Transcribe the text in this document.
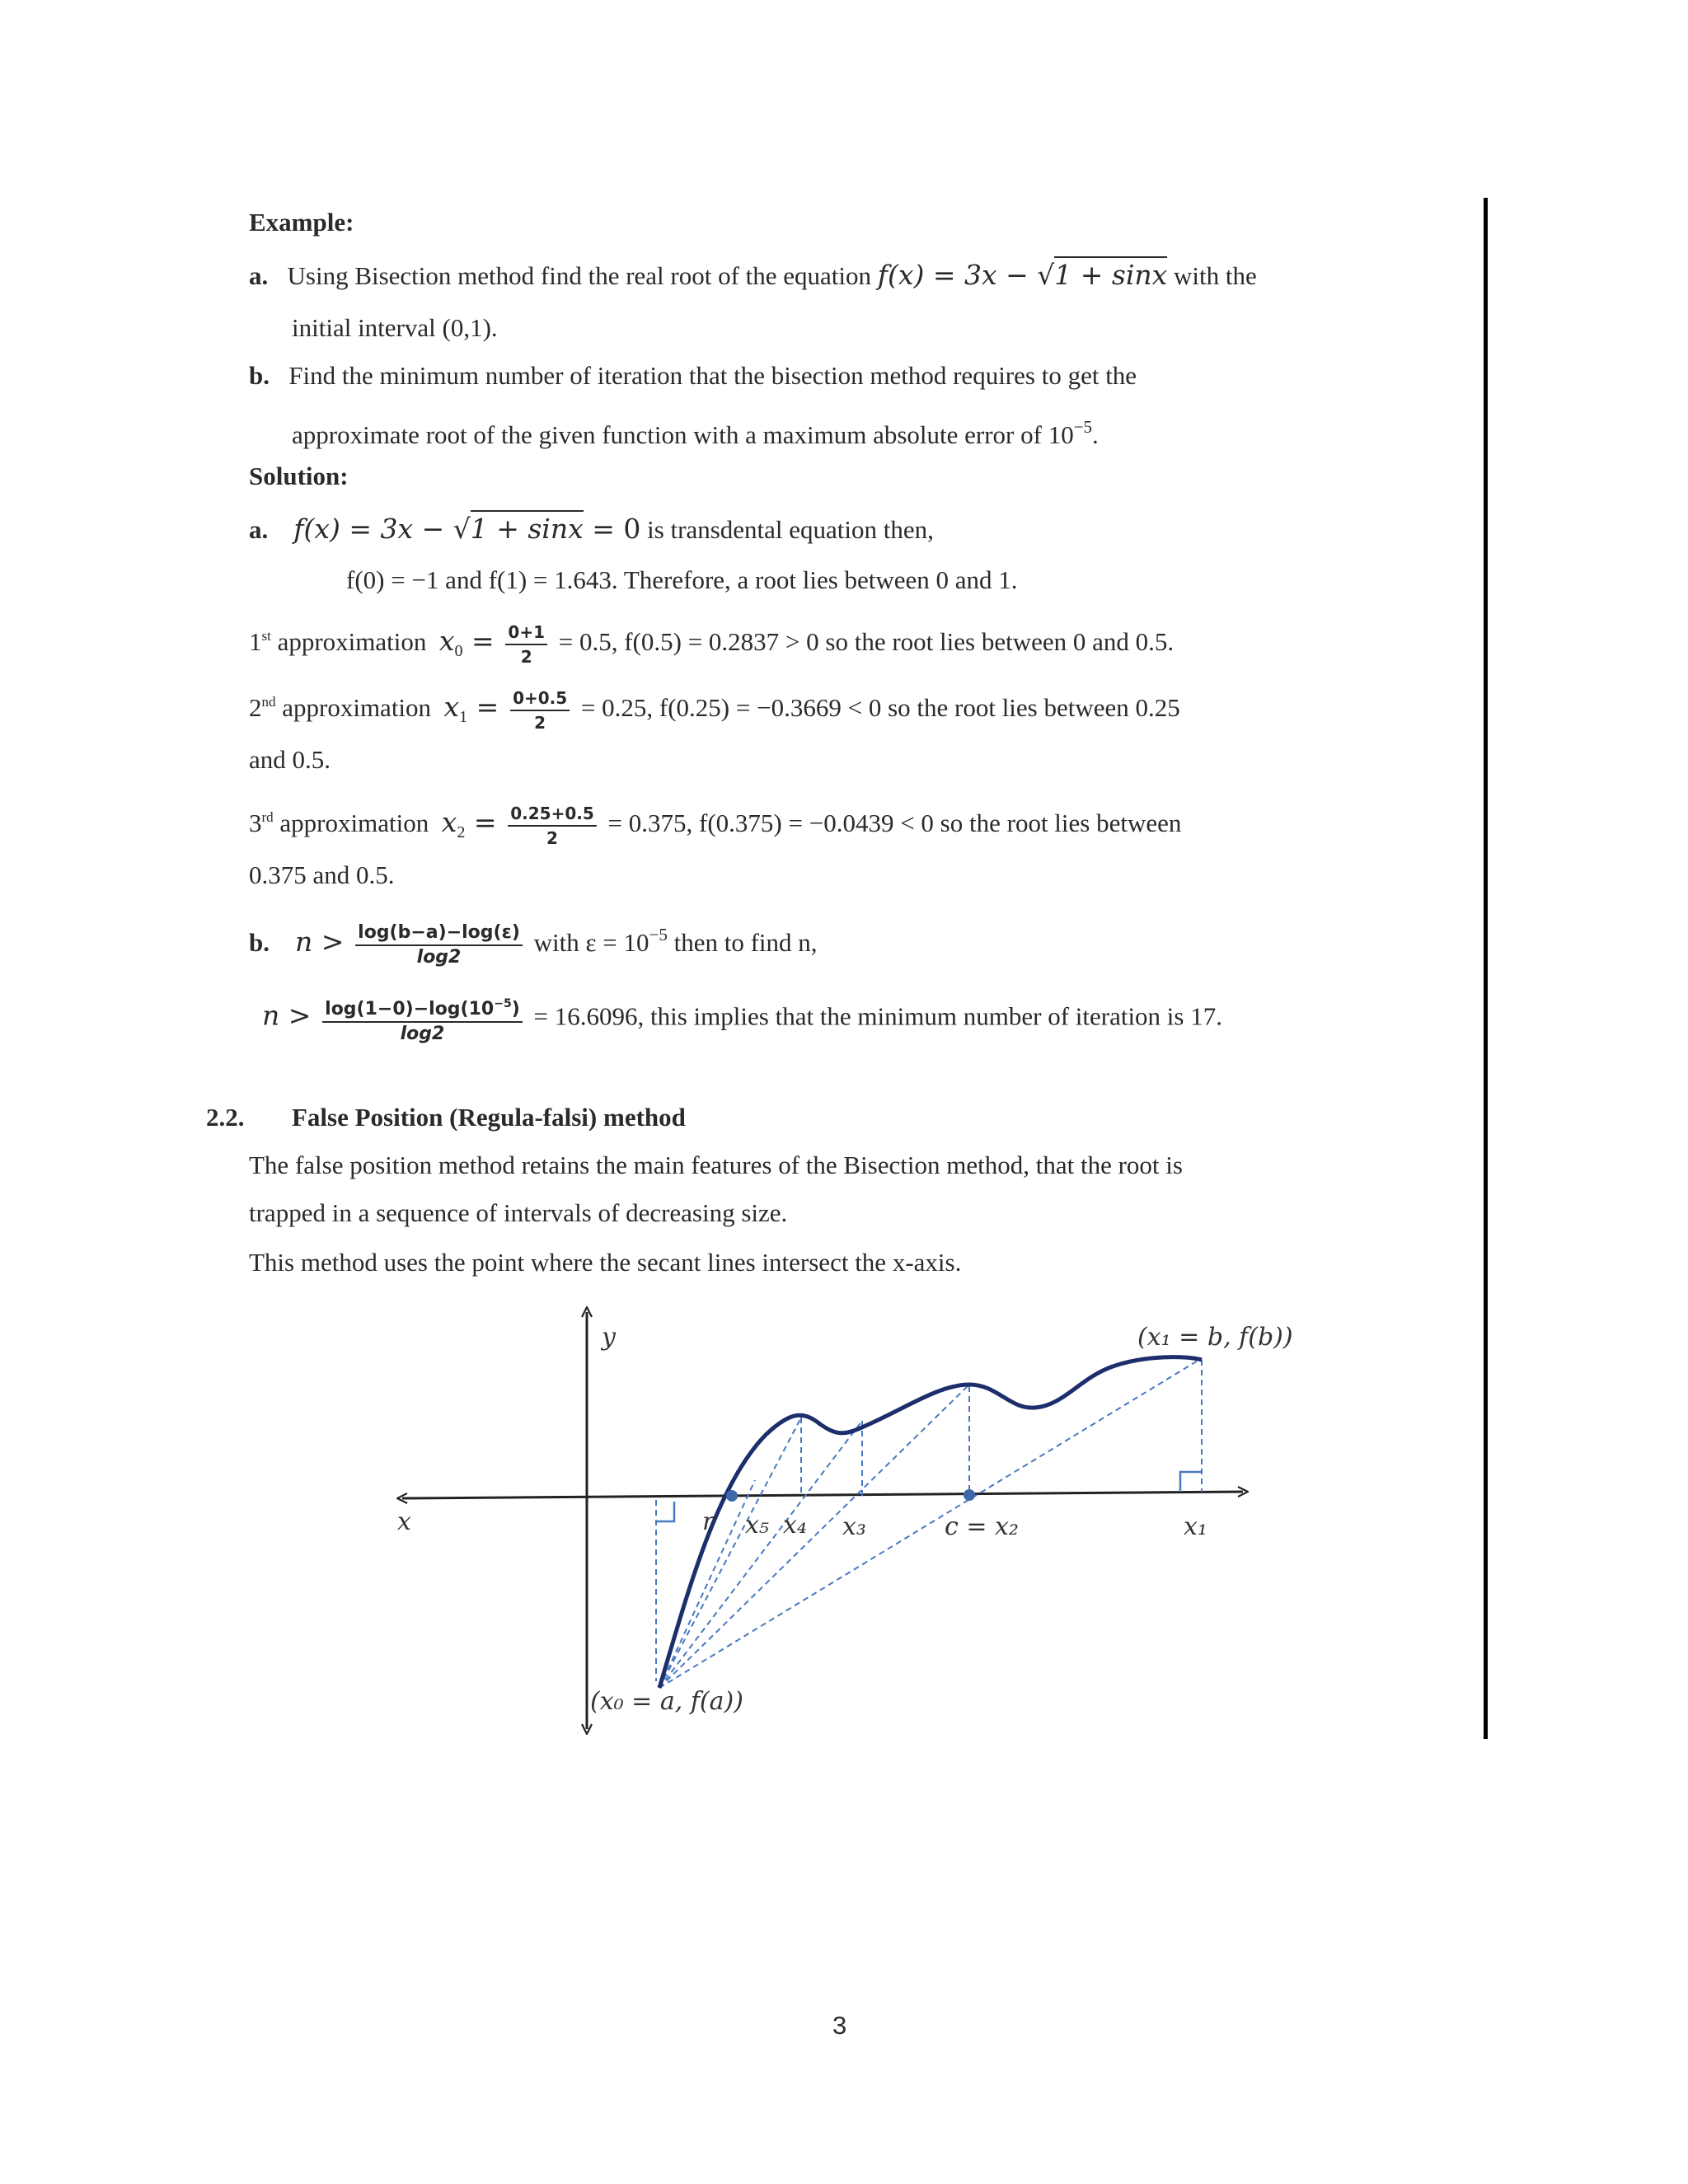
Example:
a. Using Bisection method find the real root of the equation f(x) = 3x − √1 + sinx with the
initial interval (0,1).
b. Find the minimum number of iteration that the bisection method requires to get the
approximate root of the given function with a maximum absolute error of $10^{-5}$.
Solution:
a. f(x) = 3x − √1 + sinx = 0 is transdental equation then,
f(0) = −1 and f(1) = 1.643. Therefore, a root lies between 0 and 1.
1st approximation $x_0 = \frac{0+1}{2} = 0.5$, f(0.5) = 0.2837 > 0 so the root lies between 0 and 0.5.
2nd approximation $x_1 = \frac{0+0.5}{2} = 0.25$, f(0.25) = −0.3669 < 0 so the root lies between 0.25
and 0.5.
3rd approximation $x_2 = \frac{0.25+0.5}{2} = 0.375$, f(0.375) = −0.0439 < 0 so the root lies between
0.375 and 0.5.
b. $n > \frac{\log(b-a)-\log(\varepsilon)}{\log 2}$ with $\varepsilon = 10^{-5}$ then to find n,
$n > \frac{\log(1-0)-\log(10^{-5})}{\log 2} = 16.6096$, this implies that the minimum number of iteration is 17.
2.2. False Position (Regula-falsi) method
The false position method retains the main features of the Bisection method, that the root is
trapped in a sequence of intervals of decreasing size.
This method uses the point where the secant lines intersect the x-axis.
y
x
(x₁ = b, f(b))
(x₀ = a, f(a))
r x₅ x₄ x₃	c = x₂	x₁
3
